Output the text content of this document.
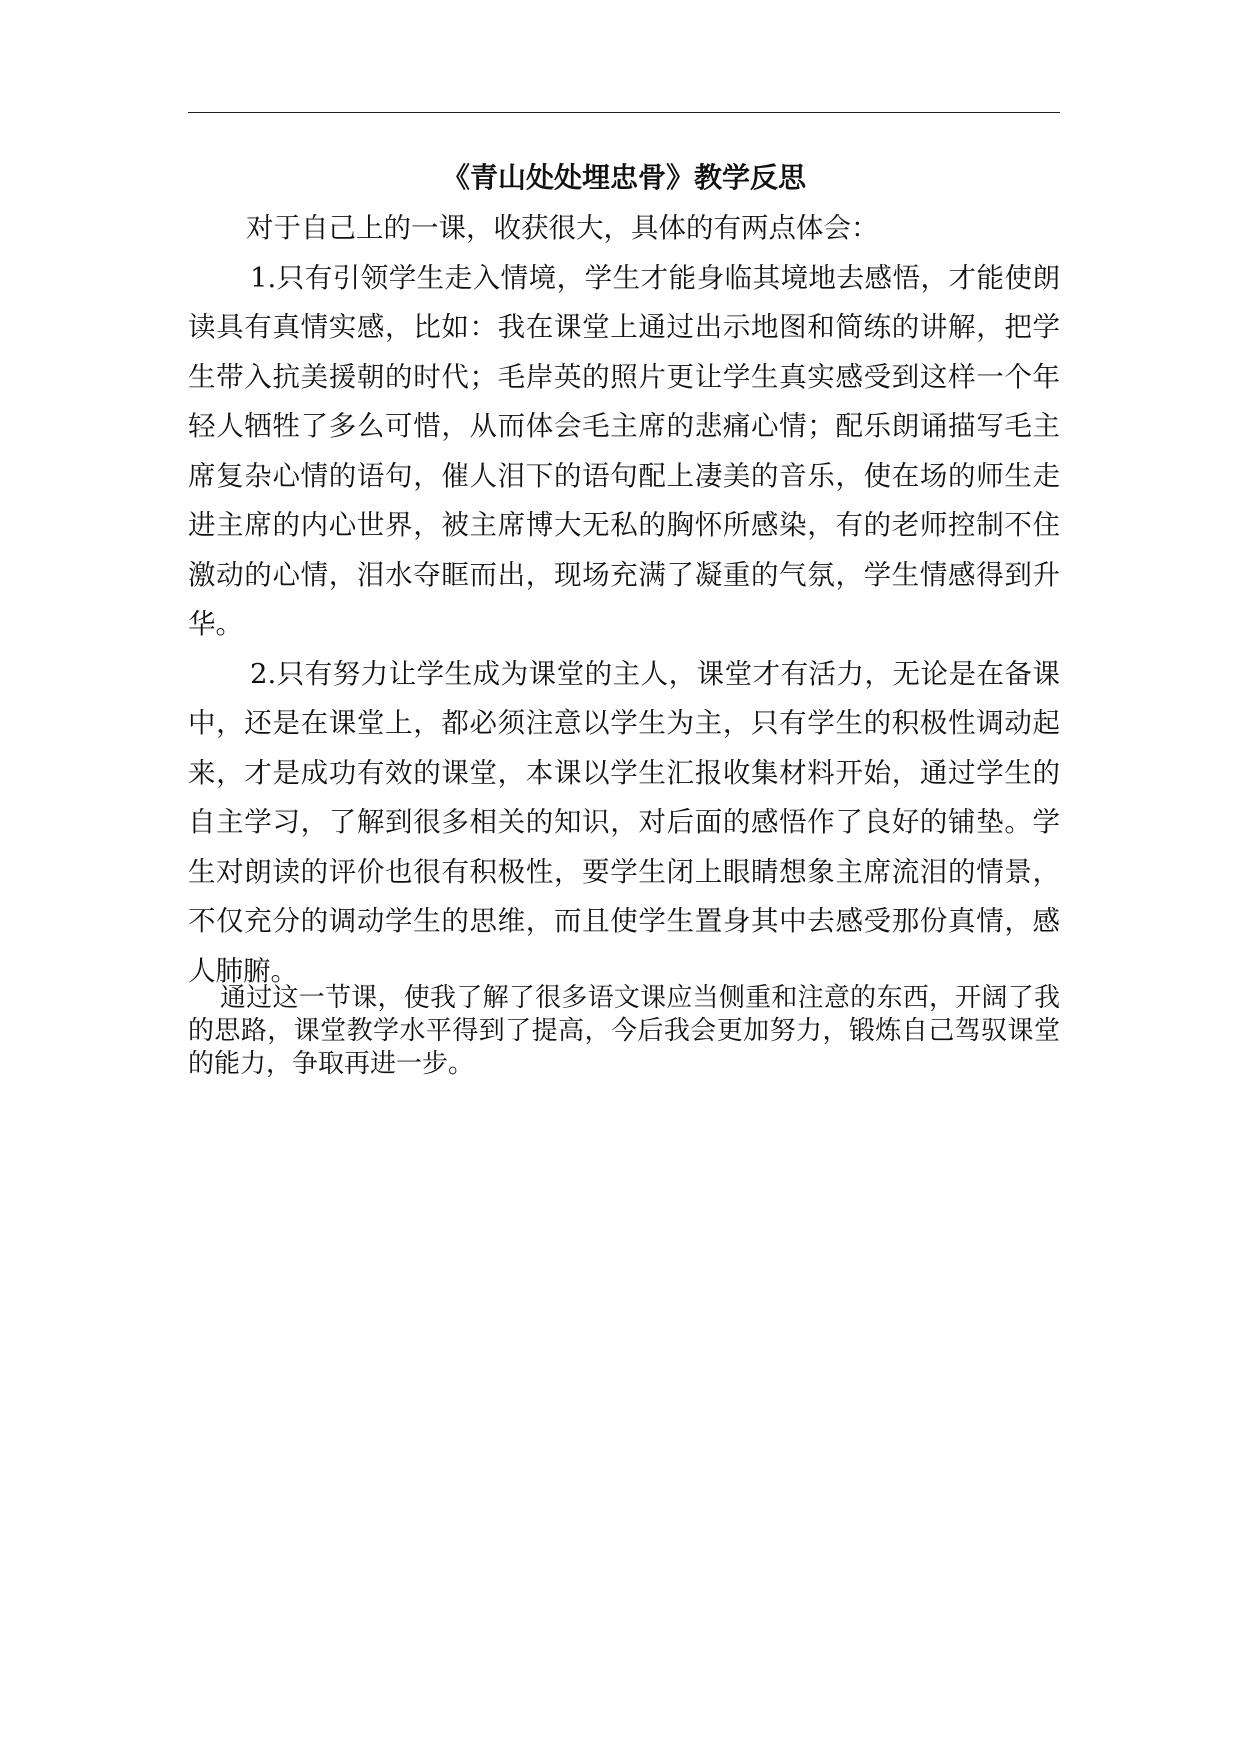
《青山处处埋忠骨》教学反思

对于自己上的一课，收获很大，具体的有两点体会：

1.只有引领学生走入情境，学生才能身临其境地去感悟，才能使朗读具有真情实感，比如：我在课堂上通过出示地图和简练的讲解，把学生带入抗美援朝的时代；毛岸英的照片更让学生真实感受到这样一个年轻人牺牲了多么可惜，从而体会毛主席的悲痛心情；配乐朗诵描写毛主席复杂心情的语句，催人泪下的语句配上凄美的音乐，使在场的师生走进主席的内心世界，被主席博大无私的胸怀所感染，有的老师控制不住激动的心情，泪水夺眶而出，现场充满了凝重的气氛，学生情感得到升华。

2.只有努力让学生成为课堂的主人，课堂才有活力，无论是在备课中，还是在课堂上，都必须注意以学生为主，只有学生的积极性调动起来，才是成功有效的课堂，本课以学生汇报收集材料开始，通过学生的自主学习，了解到很多相关的知识，对后面的感悟作了良好的铺垫。学生对朗读的评价也很有积极性，要学生闭上眼睛想象主席流泪的情景，不仅充分的调动学生的思维，而且使学生置身其中去感受那份真情，感人肺腑。

通过这一节课，使我了解了很多语文课应当侧重和注意的东西，开阔了我的思路，课堂教学水平得到了提高，今后我会更加努力，锻炼自己驾驭课堂的能力，争取再进一步。
